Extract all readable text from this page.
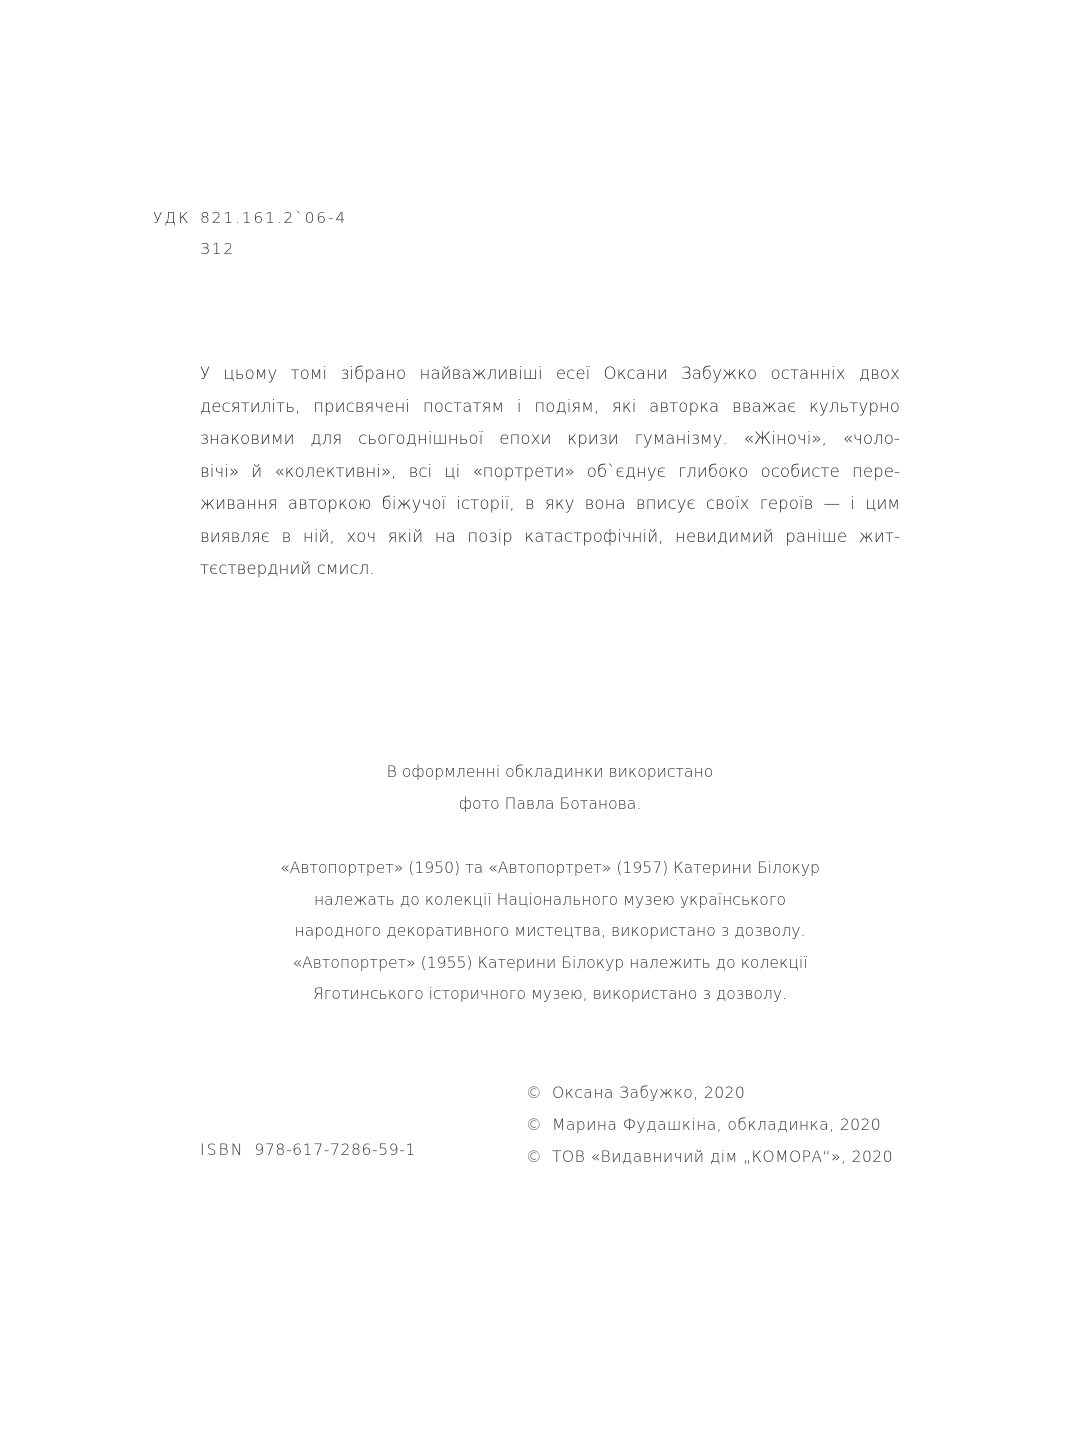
УДК 821.161.2`06-4
З12
У цьому томі зібрано найважливіші есеї Оксани Забужко останніх двох
десятиліть, присвячені постатям і подіям, які авторка вважає культурно
знаковими для сьогоднішньої епохи кризи гуманізму. «Жіночі», «чоло-
вічі» й «колективні», всі ці «портрети» об`єднує глибоко особисте пере-
живання авторкою біжучої історії, в яку вона вписує своїх героїв — і цим
виявляє в ній, хоч якій на позір катастрофічній, невидимий раніше жит-
тєствердний смисл.
В оформленні обкладинки використано
фото Павла Ботанова.
«Автопортрет» (1950) та «Автопортрет» (1957) Катерини Білокур
належать до колекції Національного музею українського
народного декоративного мистецтва, використано з дозволу.
«Автопортрет» (1955) Катерини Білокур належить до колекції
Яготинського історичного музею, використано з дозволу.
ISBN 978-617-7286-59-1
© Оксана Забужко, 2020
© Марина Фудашкіна, обкладинка, 2020
© ТОВ «Видавничий дім „КОМОРА“», 2020
